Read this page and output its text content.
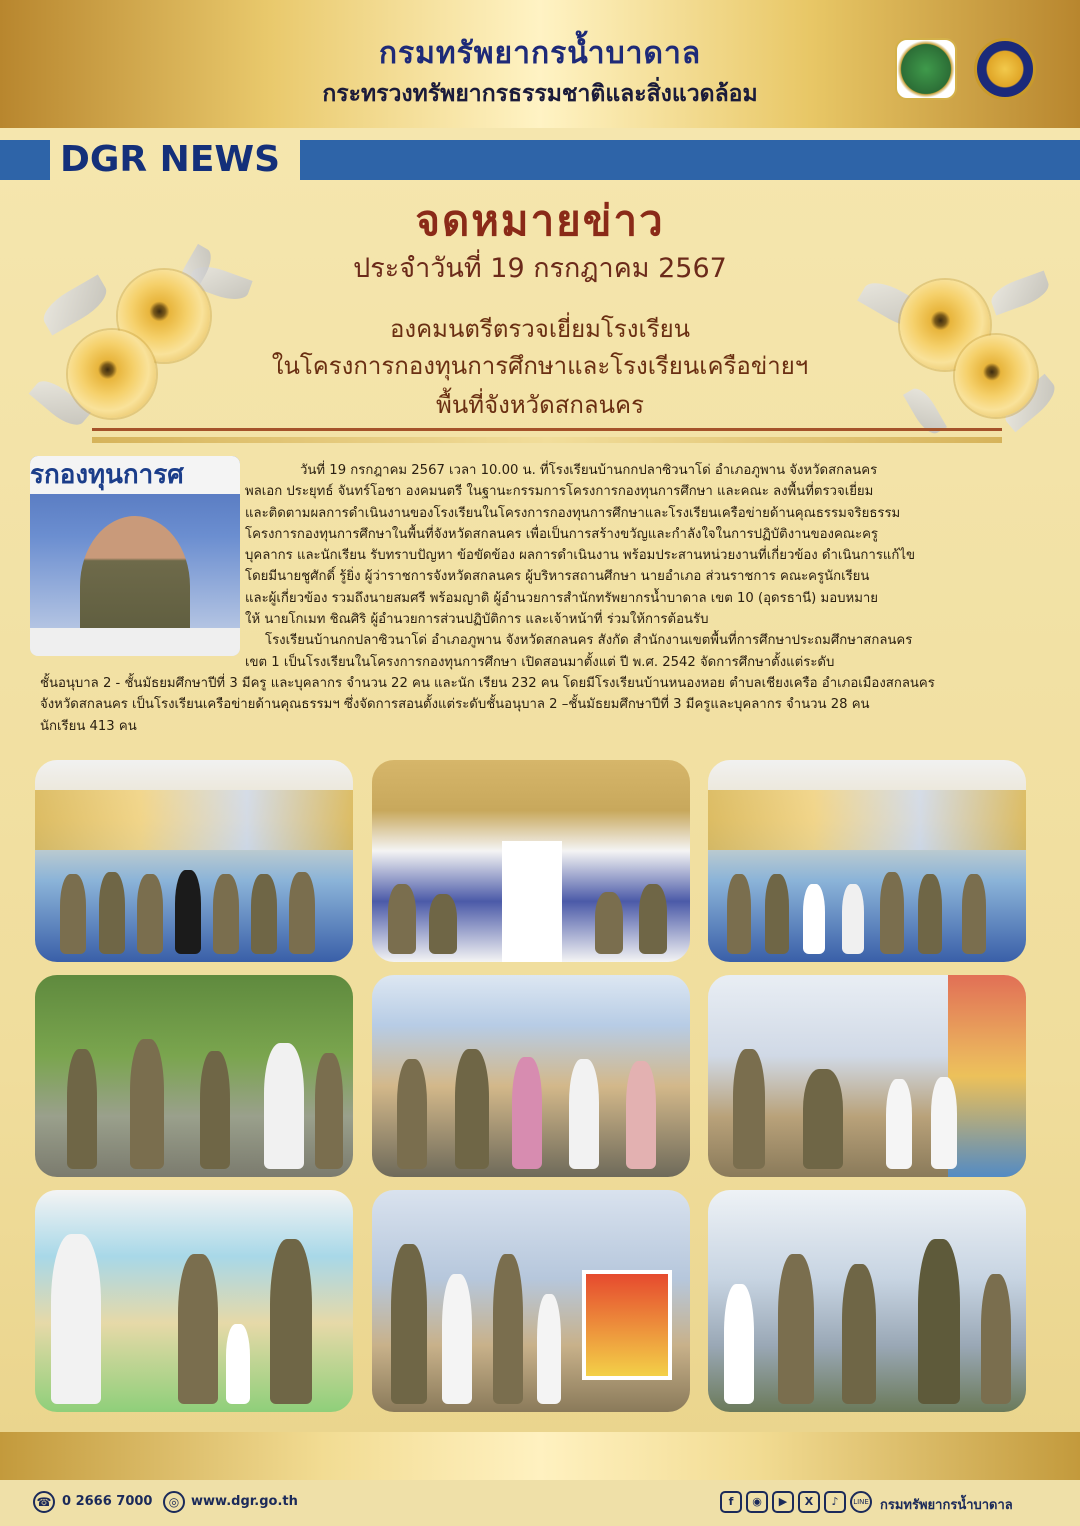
กรมทรัพยากรน้ำบาดาล
กระทรวงทรัพยากรธรรมชาติและสิ่งแวดล้อม
DGR NEWS
จดหมายข่าว
ประจำวันที่ 19 กรกฎาคม 2567
องคมนตรีตรวจเยี่ยมโรงเรียน
ในโครงการกองทุนการศึกษาและโรงเรียนเครือข่ายฯ
พื้นที่จังหวัดสกลนคร
รกองทุนการศ	วันที่ 19 กรกฎาคม 2567 เวลา 10.00 น. ที่โรงเรียนบ้านกกปลาซิวนาโด่ อำเภอภูพาน จังหวัดสกลนคร
พลเอก ประยุทธ์ จันทร์โอชา องคมนตรี ในฐานะกรรมการโครงการกองทุนการศึกษา และคณะ ลงพื้นที่ตรวจเยี่ยม
และติดตามผลการดำเนินงานของโรงเรียนในโครงการกองทุนการศึกษาและโรงเรียนเครือข่ายด้านคุณธรรมจริยธรรม
โครงการกองทุนการศึกษาในพื้นที่จังหวัดสกลนคร เพื่อเป็นการสร้างขวัญและกำลังใจในการปฏิบัติงานของคณะครู
บุคลากร และนักเรียน รับทราบปัญหา ข้อขัดข้อง ผลการดำเนินงาน พร้อมประสานหน่วยงานที่เกี่ยวข้อง ดำเนินการแก้ไข
โดยมีนายชูศักดิ์ รู้ยิ่ง ผู้ว่าราชการจังหวัดสกลนคร ผู้บริหารสถานศึกษา นายอำเภอ ส่วนราชการ คณะครูนักเรียน
และผู้เกี่ยวข้อง รวมถึงนายสมศรี พร้อมญาติ ผู้อำนวยการสำนักทรัพยากรน้ำบาดาล เขต 10 (อุดรธานี) มอบหมาย
ให้ นายโกเมท ชิณศิริ ผู้อำนวยการส่วนปฏิบัติการ และเจ้าหน้าที่ ร่วมให้การต้อนรับ
โรงเรียนบ้านกกปลาซิวนาโด่ อำเภอภูพาน จังหวัดสกลนคร สังกัด สำนักงานเขตพื้นที่การศึกษาประถมศึกษาสกลนคร
เขต 1 เป็นโรงเรียนในโครงการกองทุนการศึกษา เปิดสอนมาตั้งแต่ ปี พ.ศ. 2542 จัดการศึกษาตั้งแต่ระดับ
ชั้นอนุบาล 2 - ชั้นมัธยมศึกษาปีที่ 3 มีครู และบุคลากร จำนวน 22 คน และนัก เรียน 232 คน โดยมีโรงเรียนบ้านหนองหอย ตำบลเชียงเครือ อำเภอเมืองสกลนคร
จังหวัดสกลนคร เป็นโรงเรียนเครือข่ายด้านคุณธรรมฯ ซึ่งจัดการสอนตั้งแต่ระดับชั้นอนุบาล 2 –ชั้นมัธยมศึกษาปีที่ 3 มีครูและบุคลากร จำนวน 28 คน
นักเรียน 413 คน
☎ 0 2666 7000	◎ www.dgr.go.th	f	◉	▶	X	♪	LINE กรมทรัพยากรน้ำบาดาล
